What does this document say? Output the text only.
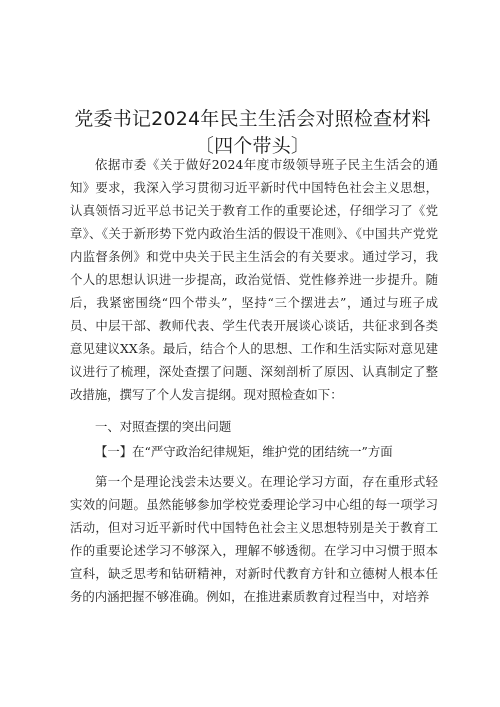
党委书记2024年民主生活会对照检查材料〔四个带头〕
依据市委《关于做好2024年度市级领导班子民主生活会的通知》要求，我深入学习贯彻习近平新时代中国特色社会主义思想，认真领悟习近平总书记关于教育工作的重要论述，仔细学习了《党章》、《关于新形势下党内政治生活的假设干准则》、《中国共产党党内监督条例》和党中央关于民主生活会的有关要求。通过学习，我个人的思想认识进一步提高，政治觉悟、党性修养进一步提升。随后，我紧密围绕“四个带头”，坚持“三个摆进去”，通过与班子成员、中层干部、教师代表、学生代表开展谈心谈话，共征求到各类意见建议XX条。最后，结合个人的思想、工作和生活实际对意见建议进行了梳理，深处查摆了问题、深刻剖析了原因、认真制定了整改措施，撰写了个人发言提纲。现对照检查如下：
一、对照查摆的突出问题
【一】在“严守政治纪律规矩，维护党的团结统一”方面
第一个是理论浅尝未达要义。在理论学习方面，存在重形式轻实效的问题。虽然能够参加学校党委理论学习中心组的每一项学习活动，但对习近平新时代中国特色社会主义思想特别是关于教育工作的重要论述学习不够深入，理解不够透彻。在学习中习惯于照本宣科，缺乏思考和钻研精神，对新时代教育方针和立德树人根本任务的内涵把握不够准确。例如，在推进素质教育过程当中，对培养
